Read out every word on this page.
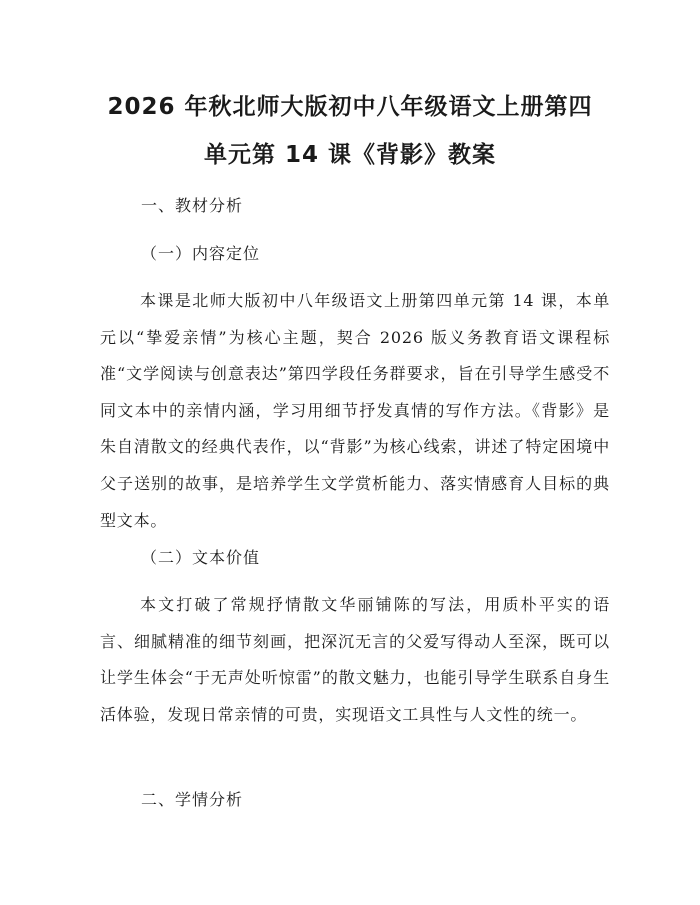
2026 年秋北师大版初中八年级语文上册第四
单元第 14 课《背影》教案

一、教材分析

（一）内容定位

本课是北师大版初中八年级语文上册第四单元第 14 课，本单元以“挚爱亲情”为核心主题，契合 2026 版义务教育语文课程标准“文学阅读与创意表达”第四学段任务群要求，旨在引导学生感受不同文本中的亲情内涵，学习用细节抒发真情的写作方法。《背影》是朱自清散文的经典代表作，以“背影”为核心线索，讲述了特定困境中父子送别的故事，是培养学生文学赏析能力、落实情感育人目标的典型文本。

（二）文本价值

本文打破了常规抒情散文华丽铺陈的写法，用质朴平实的语言、细腻精准的细节刻画，把深沉无言的父爱写得动人至深，既可以让学生体会“于无声处听惊雷”的散文魅力，也能引导学生联系自身生活体验，发现日常亲情的可贵，实现语文工具性与人文性的统一。

二、学情分析
